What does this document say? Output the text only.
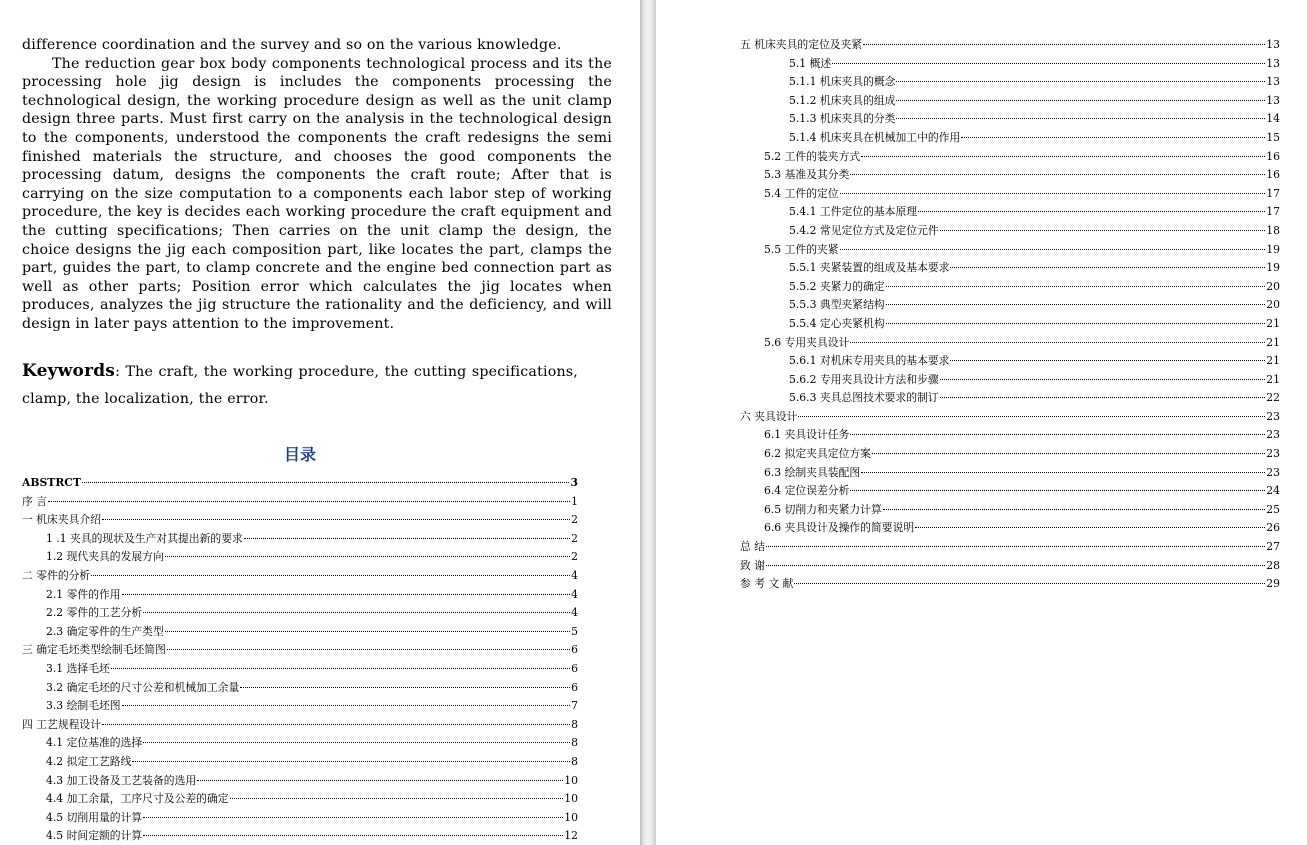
difference coordination and the survey and so on the various knowledge.

The reduction gear box body components technological process and its the processing hole jig design is includes the components processing the technological design, the working procedure design as well as the unit clamp design three parts. Must first carry on the analysis in the technological design to the components, understood the components the craft redesigns the semi finished materials the structure, and chooses the good components the processing datum, designs the components the craft route; After that is carrying on the size computation to a components each labor step of working procedure, the key is decides each working procedure the craft equipment and the cutting specifications; Then carries on the unit clamp the design, the choice designs the jig each composition part, like locates the part, clamps the part, guides the part, to clamp concrete and the engine bed connection part as well as other parts; Position error which calculates the jig locates when produces, analyzes the jig structure the rationality and the deficiency, and will design in later pays attention to the improvement.

Keywords: The craft, the working procedure, the cutting specifications, clamp, the localization, the error.
目录
ABSTRCT	3
序 言	1
一 机床夹具介绍	2
1 .1 夹具的现状及生产对其提出新的要求	2
1.2 现代夹具的发展方向	2
二 零件的分析	4
2.1 零件的作用	4
2.2 零件的工艺分析	4
2.3 确定零件的生产类型	5
三 确定毛坯类型绘制毛坯简图	6
3.1 选择毛坯	6
3.2 确定毛坯的尺寸公差和机械加工余量	6
3.3 绘制毛坯图	7
四 工艺规程设计	8
4.1 定位基准的选择	8
4.2 拟定工艺路线	8
4.3 加工设备及工艺装备的选用	10
4.4 加工余量，工序尺寸及公差的确定	10
4.5 切削用量的计算	10
4.5 时间定额的计算	12
五 机床夹具的定位及夹紧	13
5.1 概述	13
5.1.1 机床夹具的概念	13
5.1.2 机床夹具的组成	13
5.1.3 机床夹具的分类	14
5.1.4 机床夹具在机械加工中的作用	15
5.2 工件的装夹方式	16
5.3 基准及其分类	16
5.4 工件的定位	17
5.4.1 工件定位的基本原理	17
5.4.2 常见定位方式及定位元件	18
5.5 工件的夹紧	19
5.5.1 夹紧装置的组成及基本要求	19
5.5.2 夹紧力的确定	20
5.5.3 典型夹紧结构	20
5.5.4 定心夹紧机构	21
5.6 专用夹具设计	21
5.6.1 对机床专用夹具的基本要求	21
5.6.2 专用夹具设计方法和步骤	21
5.6.3 夹具总图技术要求的制订	22
六 夹具设计	23
6.1 夹具设计任务	23
6.2 拟定夹具定位方案	23
6.3 绘制夹具装配图	23
6.4 定位误差分析	24
6.5 切削力和夹紧力计算	25
6.6 夹具设计及操作的简要说明	26
总 结	27
致 谢	28
参 考 文 献	29
